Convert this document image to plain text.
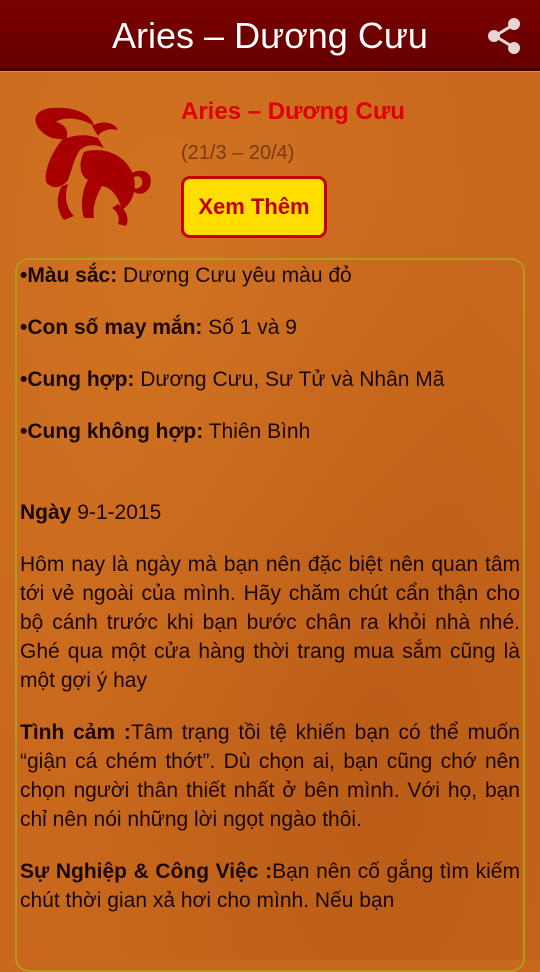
Aries – Dương Cưu
Aries – Dương Cưu
(21/3 – 20/4)
Xem Thêm

•Màu sắc: Dương Cưu yêu màu đỏ

•Con số may mắn: Số 1 và 9

•Cung hợp: Dương Cưu, Sư Tử và Nhân Mã

•Cung không hợp: Thiên Bình

Ngày 9-1-2015

Hôm nay là ngày mà bạn nên đặc biệt nên quan tâm tới vẻ ngoài của mình. Hãy chăm chút cẩn thận cho bộ cánh trước khi bạn bước chân ra khỏi nhà nhé. Ghé qua một cửa hàng thời trang mua sắm cũng là một gợi ý hay

Tình cảm :Tâm trạng tồi tệ khiến bạn có thể muốn “giận cá chém thớt”. Dù chọn ai, bạn cũng chớ nên chọn người thân thiết nhất ở bên mình. Với họ, bạn chỉ nên nói những lời ngọt ngào thôi.

Sự Nghiệp & Công Việc :Bạn nên cố gắng tìm kiếm chút thời gian xả hơi cho mình. Nếu bạn
